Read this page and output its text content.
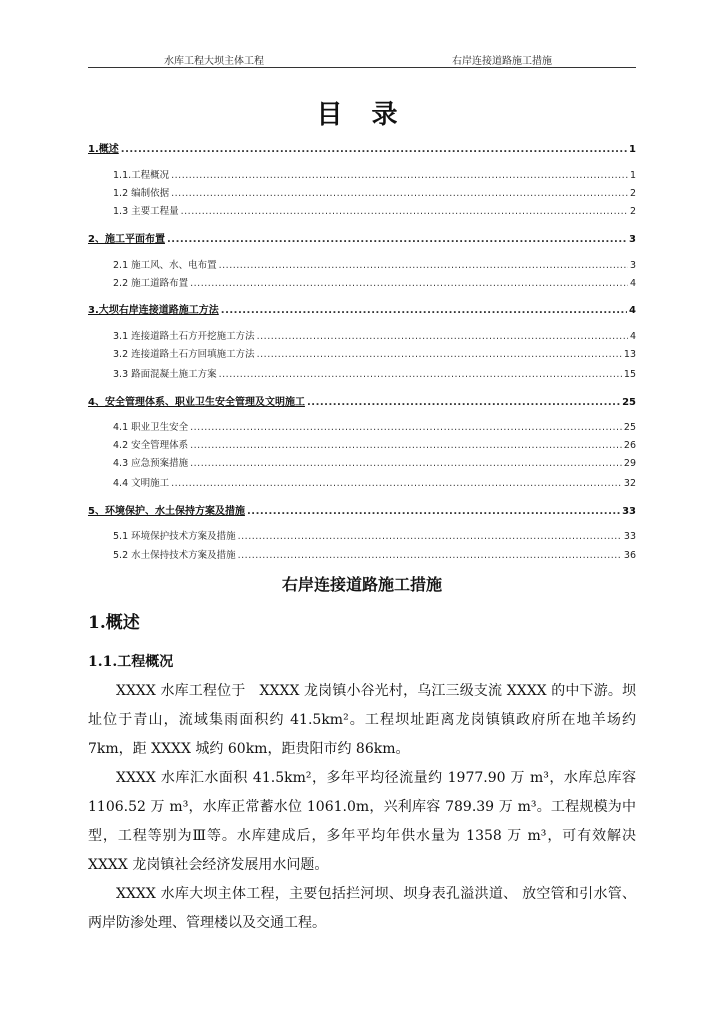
水库工程大坝主体工程	右岸连接道路施工措施
目 录
1.概述 .....	1
1.1.工程概况 .....	1
1.2 编制依据 .....	2
1.3 主要工程量 .....	2
2、施工平面布置 .....	3
2.1 施工风、水、电布置 .....	3
2.2 施工道路布置 .....	4
3.大坝右岸连接道路施工方法 .....	4
3.1 连接道路土石方开挖施工方法 .....	4
3.2 连接道路土石方回填施工方法 .....	13
3.3 路面混凝土施工方案 .....	15
4、安全管理体系、职业卫生安全管理及文明施工 .....	25
4.1 职业卫生安全 .....	25
4.2 安全管理体系 .....	26
4.3 应急预案措施 .....	29
4.4 文明施工 .....	32
5、环境保护、水土保持方案及措施 .....	33
5.1 环境保护技术方案及措施 .....	33
5.2 水土保持技术方案及措施 .....	36
右岸连接道路施工措施
1.概述
1.1.工程概况

XXXX 水库工程位于　XXXX 龙岗镇小谷光村，乌江三级支流 XXXX 的中下游。坝址位于青山，流域集雨面积约 41.5km²。工程坝址距离龙岗镇镇政府所在地羊场约 7km，距 XXXX 城约 60km，距贵阳市约 86km。

XXXX 水库汇水面积 41.5km²，多年平均径流量约 1977.90 万 m³，水库总库容 1106.52 万 m³，水库正常蓄水位 1061.0m，兴利库容 789.39 万 m³。工程规模为中型，工程等别为Ⅲ等。水库建成后，多年平均年供水量为 1358 万 m³，可有效解决 XXXX 龙岗镇社会经济发展用水问题。

XXXX 水库大坝主体工程，主要包括拦河坝、坝身表孔溢洪道、 放空管和引水管、两岸防渗处理、管理楼以及交通工程。
